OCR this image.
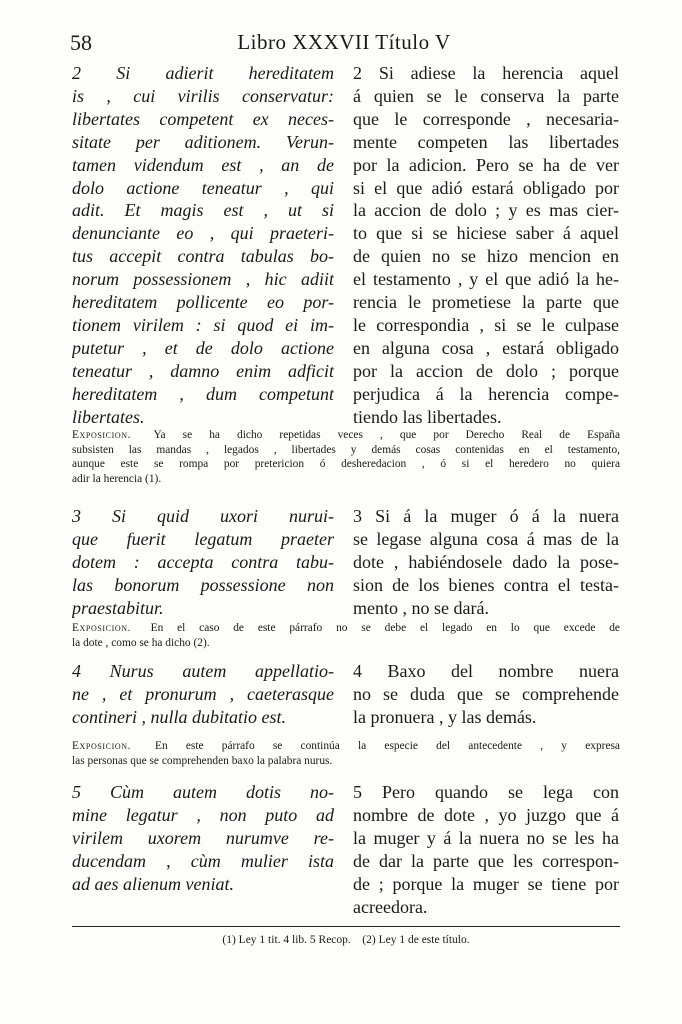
58	Libro XXXVII Título V
2 Si adierit hereditatem
is , cui virilis conservatur:
libertates competent ex neces-
sitate per aditionem. Verun-
tamen videndum est , an de
dolo actione teneatur , qui
adit. Et magis est , ut si
denunciante eo , qui praeteri-
tus accepit contra tabulas bo-
norum possessionem , hic adiit
hereditatem pollicente eo por-
tionem virilem : si quod ei im-
putetur , et de dolo actione
teneatur , damno enim adficit
hereditatem , dum competunt
libertates.
2 Si adiese la herencia aquel
á quien se le conserva la parte
que le corresponde , necesaria-
mente competen las libertades
por la adicion. Pero se ha de ver
si el que adió estará obligado por
la accion de dolo ; y es mas cier-
to que si se hiciese saber á aquel
de quien no se hizo mencion en
el testamento , y el que adió la he-
rencia le prometiese la parte que
le correspondia , si se le culpase
en alguna cosa , estará obligado
por la accion de dolo ; porque
perjudica á la herencia compe-
tiendo las libertades.
Exposicion.  Ya se ha dicho repetidas veces , que por Derecho Real de España
subsisten las mandas , legados , libertades y demás cosas contenidas en el testamento,
aunque este se rompa por pretericion ó desheredacion , ó si el heredero no quiera
adir la herencia (1).
3 Si quid uxori nurui-
que fuerit legatum praeter
dotem : accepta contra tabu-
las bonorum possessione non
praestabitur.
3 Si á la muger ó á la nuera
se legase alguna cosa á mas de la
dote , habiéndosele dado la pose-
sion de los bienes contra el testa-
mento , no se dará.
Exposicion.  En el caso de este párrafo no se debe el legado en lo que excede de
la dote , como se ha dicho (2).
4 Nurus autem appellatio-
ne , et pronurum , caeterasque
contineri , nulla dubitatio est.
4 Baxo del nombre nuera
no se duda que se comprehende
la pronuera , y las demás.
Exposicion.  En este párrafo se continúa la especie del antecedente , y expresa
las personas que se comprehenden baxo la palabra nurus.
5 Cùm autem dotis no-
mine legatur , non puto ad
virilem uxorem nurumve re-
ducendam , cùm mulier ista
ad aes alienum veniat.
5 Pero quando se lega con
nombre de dote , yo juzgo que á
la muger y á la nuera no se les ha
de dar la parte que les correspon-
de ; porque la muger se tiene por
acreedora.
(1) Ley 1 tit. 4 lib. 5 Recop. (2) Ley 1 de este título.
